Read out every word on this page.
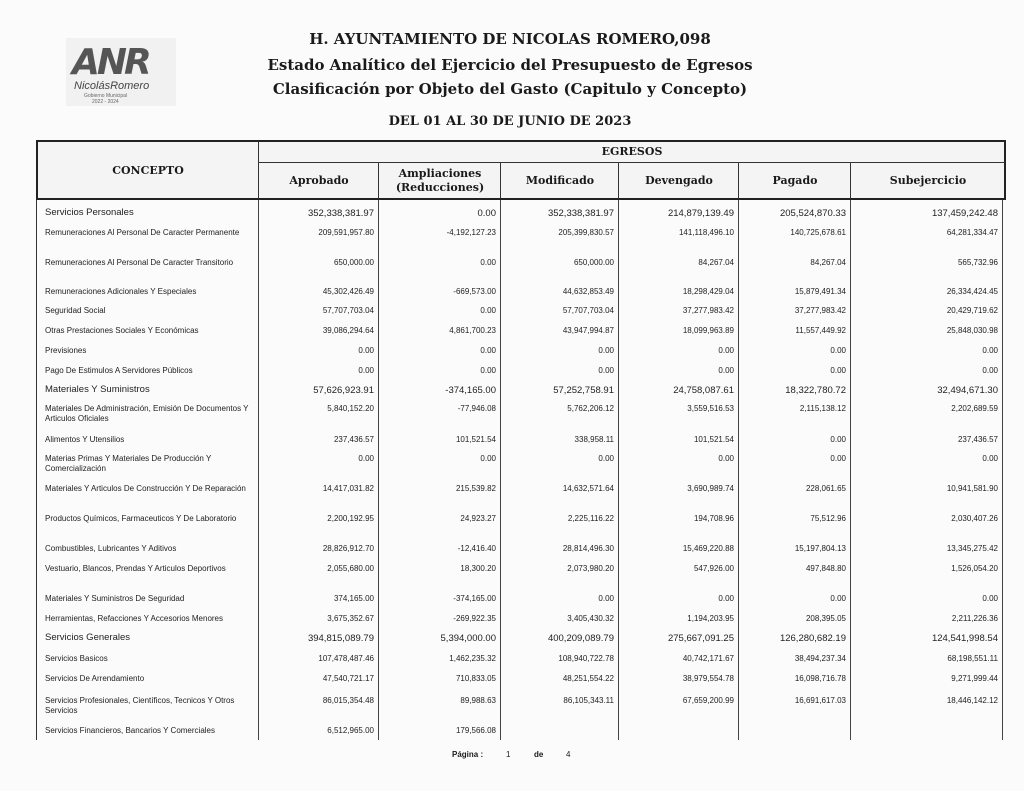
ANR
NicolásRomero
Gobierno Municipal
2022 - 2024
H. AYUNTAMIENTO DE NICOLAS ROMERO,098
Estado Analítico del Ejercicio del Presupuesto de Egresos
Clasificación por Objeto del Gasto (Capitulo y Concepto)
DEL 01 AL 30 DE JUNIO DE 2023
CONCEPTO
EGRESOS
Aprobado
Ampliaciones
(Reducciones)
Modificado	Devengado	Pagado	Subejercicio
Servicios Personales	352,338,381.97	0.00	352,338,381.97	214,879,139.49	205,524,870.33	137,459,242.48
Remuneraciones Al Personal De Caracter Permanente	209,591,957.80	-4,192,127.23	205,399,830.57	141,118,496.10	140,725,678.61	64,281,334.47
Remuneraciones Al Personal De Caracter Transitorio	650,000.00	0.00	650,000.00	84,267.04	84,267.04	565,732.96
Remuneraciones Adicionales Y Especiales	45,302,426.49	-669,573.00	44,632,853.49	18,298,429.04	15,879,491.34	26,334,424.45
Seguridad Social	57,707,703.04	0.00	57,707,703.04	37,277,983.42	37,277,983.42	20,429,719.62
Otras Prestaciones Sociales Y Económicas	39,086,294.64	4,861,700.23	43,947,994.87	18,099,963.89	11,557,449.92	25,848,030.98
Previsiones	0.00	0.00	0.00	0.00	0.00	0.00
Pago De Estimulos A Servidores Públicos	0.00	0.00	0.00	0.00	0.00	0.00
Materiales Y Suministros	57,626,923.91	-374,165.00	57,252,758.91	24,758,087.61	18,322,780.72	32,494,671.30
Materiales De Administración, Emisión De Documentos Y Articulos Oficiales
5,840,152.20	-77,946.08	5,762,206.12	3,559,516.53	2,115,138.12	2,202,689.59
Alimentos Y Utensilios	237,436.57	101,521.54	338,958.11	101,521.54	0.00	237,436.57
Materias Primas Y Materiales De Producción Y Comercialización
0.00	0.00	0.00	0.00	0.00	0.00
Materiales Y Articulos De Construcción Y De Reparación	14,417,031.82	215,539.82	14,632,571.64	3,690,989.74	228,061.65	10,941,581.90
Productos Químicos, Farmaceuticos Y De Laboratorio	2,200,192.95	24,923.27	2,225,116.22	194,708.96	75,512.96	2,030,407.26
Combustibles, Lubricantes Y Aditivos	28,826,912.70	-12,416.40	28,814,496.30	15,469,220.88	15,197,804.13	13,345,275.42
Vestuario, Blancos, Prendas Y Articulos Deportivos	2,055,680.00	18,300.20	2,073,980.20	547,926.00	497,848.80	1,526,054.20
Materiales Y Suministros De Seguridad	374,165.00	-374,165.00	0.00	0.00	0.00	0.00
Herramientas, Refacciones Y Accesorios Menores	3,675,352.67	-269,922.35	3,405,430.32	1,194,203.95	208,395.05	2,211,226.36
Servicios Generales	394,815,089.79	5,394,000.00	400,209,089.79	275,667,091.25	126,280,682.19	124,541,998.54
Servicios Basicos	107,478,487.46	1,462,235.32	108,940,722.78	40,742,171.67	38,494,237.34	68,198,551.11
Servicios De Arrendamiento	47,540,721.17	710,833.05	48,251,554.22	38,979,554.78	16,098,716.78	9,271,999.44
Servicios Profesionales, Científicos, Tecnicos Y Otros Servicios
86,015,354.48	89,988.63	86,105,343.11	67,659,200.99	16,691,617.03	18,446,142.12
Servicios Financieros, Bancarios Y Comerciales	6,512,965.00	179,566.08
Página :	1	de	4
